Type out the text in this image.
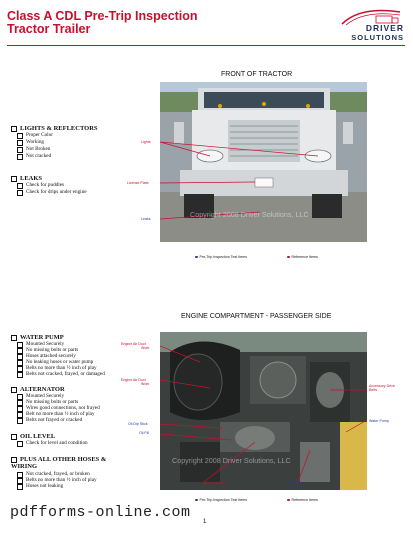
Class A CDL Pre-Trip Inspection
Tractor Trailer	DRIVER
SOLUTIONS
FRONT OF TRACTOR
Copyright 2008 Driver Solutions, LLC
Lights
License Plate
Leaks
Pre-Trip Inspection Test Items	Reference Items
LIGHTS & REFLECTORS
Proper Color
Working
Not Broken
Not cracked
LEAKS
Check for puddles
Check for drips under engine
ENGINE COMPARTMENT - PASSENGER SIDE
Copyright 2008 Driver Solutions, LLC
Engine Air Duct
Work
Engine Air Duct
Work	Accessory Drive
Belts
Water Pump
Oil Dip Stick
Oil Fill
Turbo Charger	Alternator
Pre-Trip Inspection Test Items	Reference Items
WATER PUMP
Mounted Securely
No missing bolts or parts
Hoses attached securely
No leaking hoses or water pump
Belts no more than ½ inch of play
Belts not cracked, frayed, or damaged
ALTERNATOR
Mounted Securely
No missing bolts or parts
Wires good connections, not frayed
Belt no more than ½ inch of play
Belts not frayed or cracked
OIL LEVEL
Check for level and condition
PLUS ALL OTHER HOSES &
WIRING
Not cracked, frayed, or broken
Belts no more than ½ inch of play
Hoses not leaking
pdfforms-online.com
1
